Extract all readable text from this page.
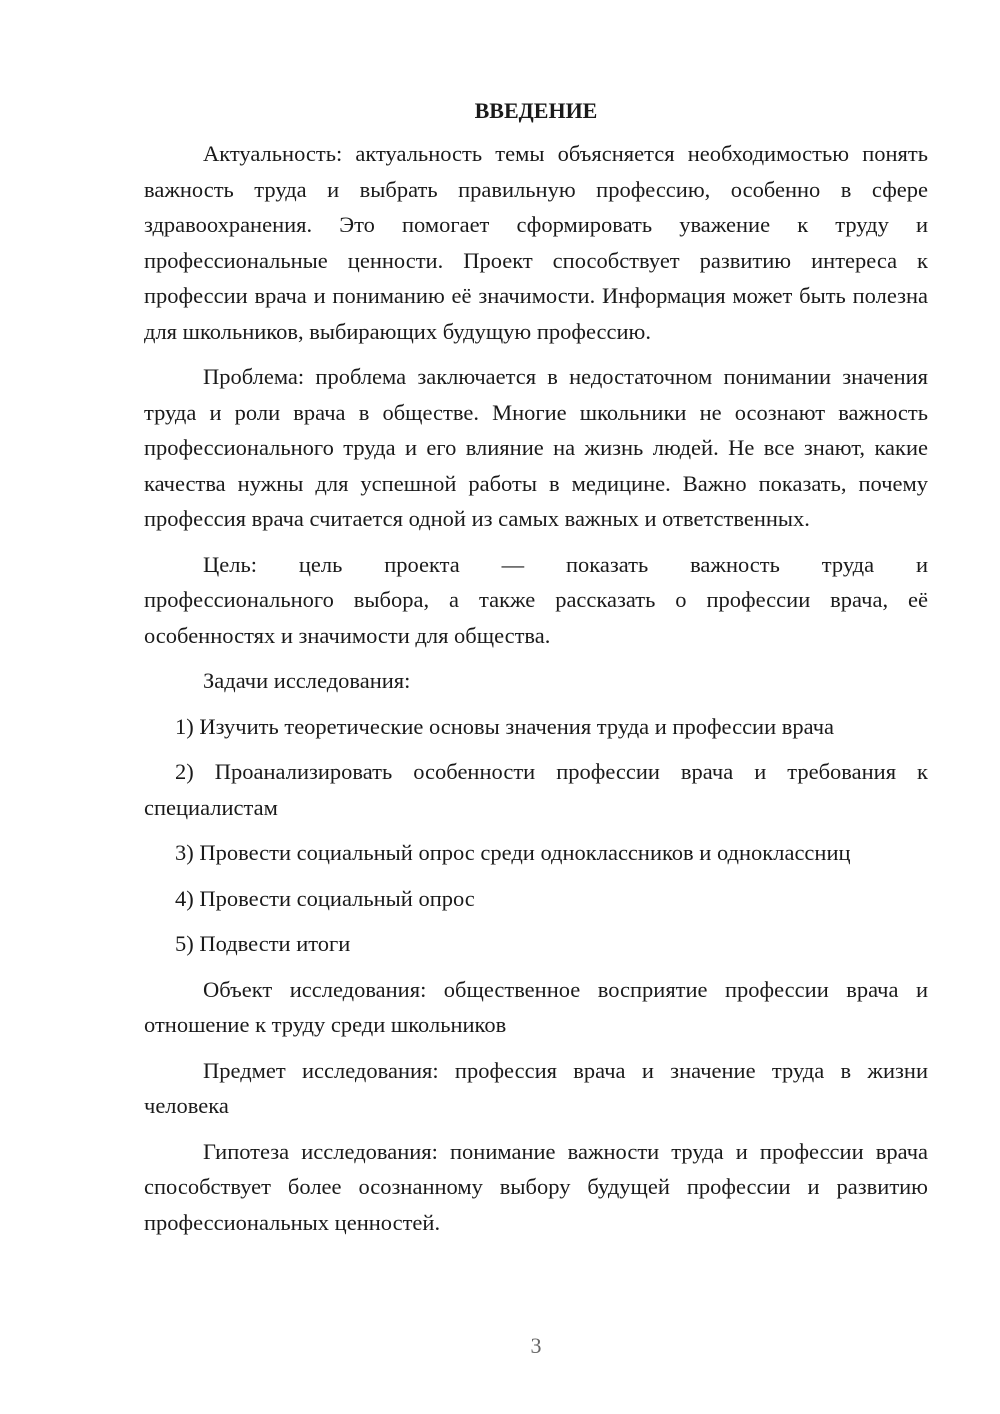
ВВЕДЕНИЕ

Актуальность: актуальность темы объясняется необходимостью понять важность труда и выбрать правильную профессию, особенно в сфере здравоохранения. Это помогает сформировать уважение к труду и профессиональные ценности. Проект способствует развитию интереса к профессии врача и пониманию её значимости. Информация может быть полезна для школьников, выбирающих будущую профессию.

Проблема: проблема заключается в недостаточном понимании значения труда и роли врача в обществе. Многие школьники не осознают важность профессионального труда и его влияние на жизнь людей. Не все знают, какие качества нужны для успешной работы в медицине. Важно показать, почему профессия врача считается одной из самых важных и ответственных.

Цель: цель проекта — показать важность труда и

профессионального выбора, а также рассказать о профессии врача, её особенностях и значимости для общества.

Задачи исследования:

1) Изучить теоретические основы значения труда и профессии врача

2) Проанализировать особенности профессии врача и требования к специалистам

3) Провести социальный опрос среди одноклассников и одноклассниц

4) Провести социальный опрос

5) Подвести итоги

Объект исследования: общественное восприятие профессии врача и отношение к труду среди школьников

Предмет исследования: профессия врача и значение труда в жизни человека

Гипотеза исследования: понимание важности труда и профессии врача способствует более осознанному выбору будущей профессии и развитию профессиональных ценностей.

3
